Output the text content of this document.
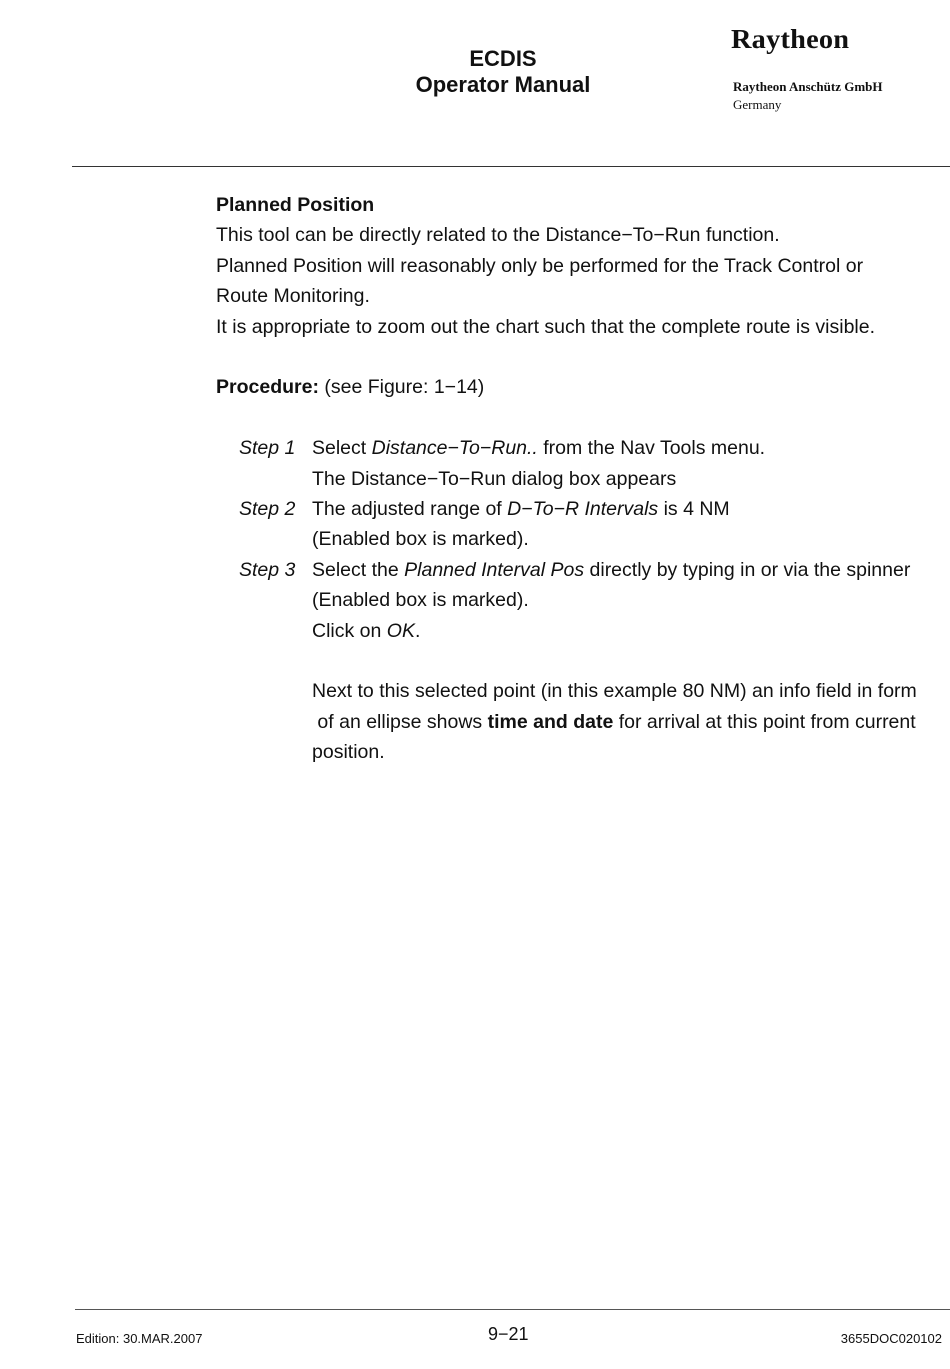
ECDIS
Operator Manual
Raytheon
Raytheon Anschütz GmbH
Germany
Planned Position
This tool can be directly related to the Distance−To−Run function.
Planned Position will reasonably only be performed for the Track Control or
Route Monitoring.
It is appropriate to zoom out the chart such that the complete route is visible.
Procedure: (see Figure: 1−14)
Step 1 Select Distance−To−Run.. from the Nav Tools menu.
The Distance−To−Run dialog box appears
Step 2 The adjusted range of D−To−R Intervals is 4 NM
(Enabled box is marked).
Step 3 Select the Planned Interval Pos directly by typing in or via the spinner
(Enabled box is marked).
Click on OK.
Next to this selected point (in this example 80 NM) an info field in form
of an ellipse shows time and date for arrival at this point from current
position.
Edition: 30.MAR.2007	9−21	3655DOC020102
